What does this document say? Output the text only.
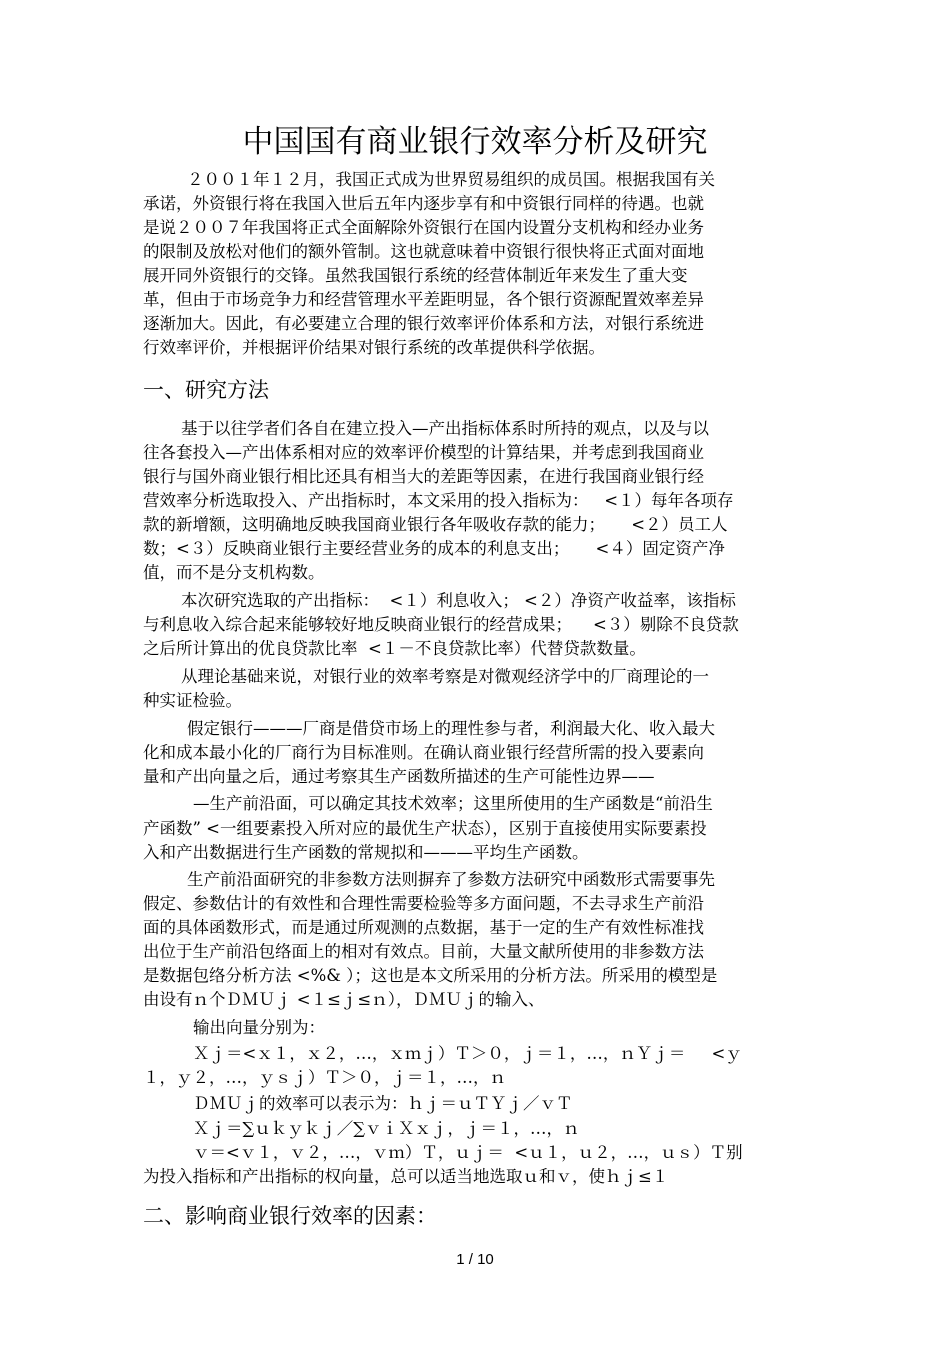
中国国有商业银行效率分析及研究
２００１年１２月，我国正式成为世界贸易组织的成员国。根据我国有关
承诺，外资银行将在我国入世后五年内逐步享有和中资银行同样的待遇。也就
是说２００７年我国将正式全面解除外资银行在国内设置分支机构和经办业务
的限制及放松对他们的额外管制。这也就意味着中资银行很快将正式面对面地
展开同外资银行的交锋。虽然我国银行系统的经营体制近年来发生了重大变
革，但由于市场竞争力和经营管理水平差距明显，各个银行资源配置效率差异
逐渐加大。因此，有必要建立合理的银行效率评价体系和方法，对银行系统进
行效率评价，并根据评价结果对银行系统的改革提供科学依据。
一、研究方法
基于以往学者们各自在建立投入—产出指标体系时所持的观点，以及与以
往各套投入—产出体系相对应的效率评价模型的计算结果，并考虑到我国商业
银行与国外商业银行相比还具有相当大的差距等因素，在进行我国商业银行经
营效率分析选取投入、产出指标时，本文采用的投入指标为：   <１）每年各项存
款的新增额，这明确地反映我国商业银行各年吸收存款的能力；     <２）员工人
数；<３）反映商业银行主要经营业务的成本的利息支出；     <４）固定资产净
值，而不是分支机构数。
本次研究选取的产出指标：  <１）利息收入； <２）净资产收益率，该指标
与利息收入综合起来能够较好地反映商业银行的经营成果；    <３）剔除不良贷款
之后所计算出的优良贷款比率  <１－不良贷款比率）代替贷款数量。
从理论基础来说，对银行业的效率考察是对微观经济学中的厂商理论的一
种实证检验。
假定银行———厂商是借贷市场上的理性参与者，利润最大化、收入最大
化和成本最小化的厂商行为目标准则。在确认商业银行经营所需的投入要素向
量和产出向量之后，通过考察其生产函数所描述的生产可能性边界——
—生产前沿面，可以确定其技术效率；这里所使用的生产函数是“前沿生
产函数” <一组要素投入所对应的最优生产状态），区别于直接使用实际要素投
入和产出数据进行生产函数的常规拟和———平均生产函数。
生产前沿面研究的非参数方法则摒弃了参数方法研究中函数形式需要事先
假定、参数估计的有效性和合理性需要检验等多方面问题，不去寻求生产前沿
面的具体函数形式，而是通过所观测的点数据，基于一定的生产有效性标准找
出位于生产前沿包络面上的相对有效点。目前，大量文献所使用的非参数方法
是数据包络分析方法 <%& ）；这也是本文所采用的分析方法。所采用的模型是
由设有ｎ个ＤＭＵｊ <１≤ｊ≤ｎ），ＤＭＵｊ的输入、
输出向量分别为：
Ｘｊ＝<ｘ１，ｘ２，…，ｘｍｊ）Ｔ＞０，ｊ＝１，…，ｎＹｊ＝     <ｙ
１，ｙ２，…，ｙｓｊ）Ｔ＞０，ｊ＝１，…，ｎ
ＤＭＵｊ的效率可以表示为：ｈｊ＝ｕＴＹｊ／ｖＴ
Ｘｊ＝∑ｕｋｙｋｊ／∑ｖｉＸｘｊ，ｊ＝１，…，ｎ
ｖ＝<ｖ１，ｖ２，…，ｖｍ）Ｔ，ｕｊ＝  <ｕ１，ｕ２，…，ｕｓ）Ｔ别
为投入指标和产出指标的权向量，总可以适当地选取ｕ和ｖ，使ｈｊ≤１
二、影响商业银行效率的因素：
1 / 10
